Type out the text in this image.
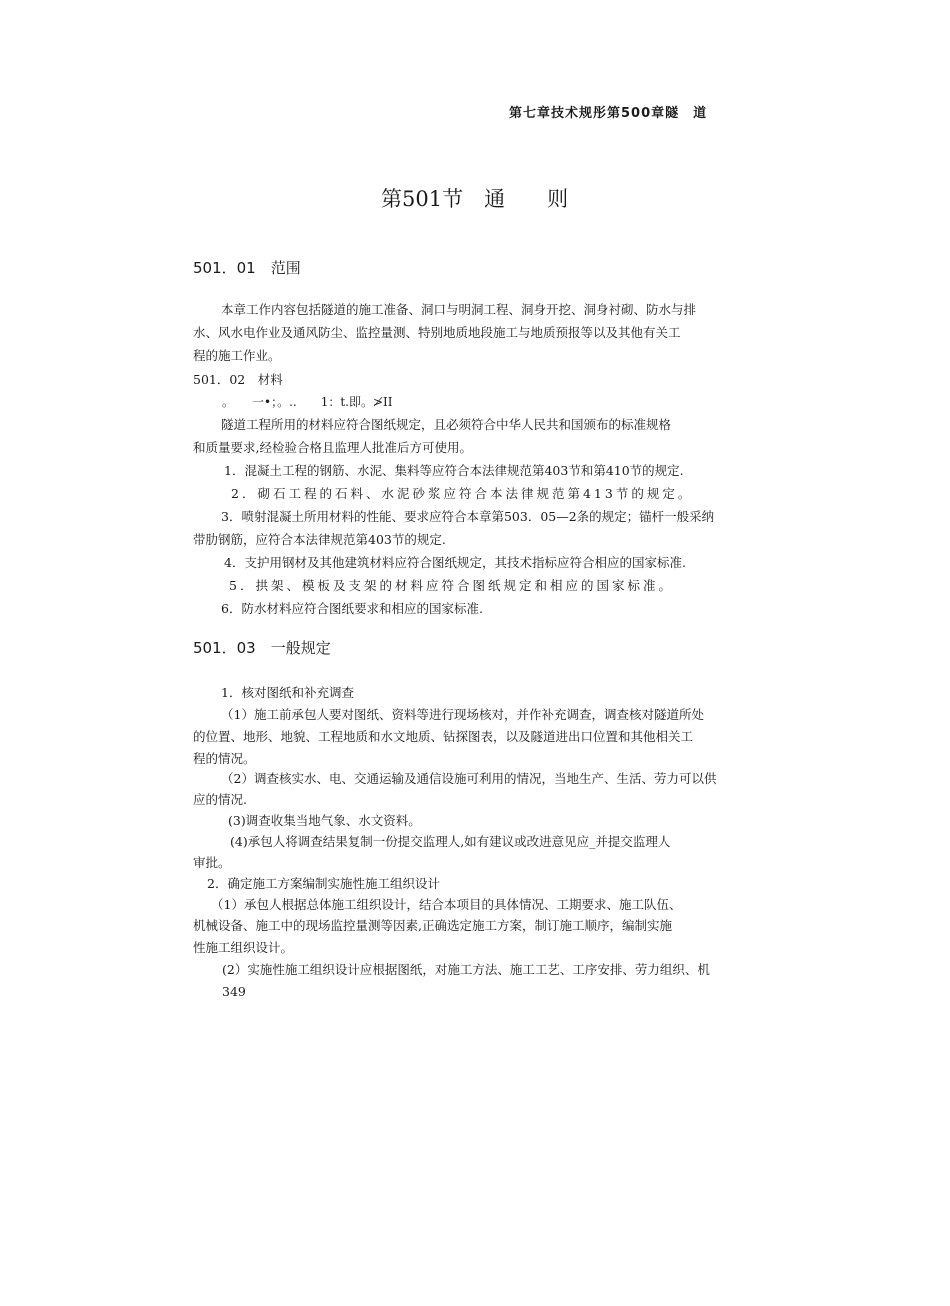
第七章技术规彤第500章隧　道
第501节　通　　则
501．01　范围
本章工作内容包括隧道的施工准备、洞口与明洞工程、洞身开挖、洞身衬砌、防水与排
水、风水电作业及通风防尘、监控量测、特别地质地段施工与地质预报等以及其他有关工
程的施工作业。
501．02　材料
。　　一•；。..　　1：t.即。≯II
隧道工程所用的材料应符合图纸规定，且必须符合中华人民共和国颁布的标准规格
和质量要求,经检验合格且监理人批准后方可使用。
1．混凝土工程的钢筋、水泥、集料等应符合本法律规范第403节和第410节的规定.
2．砌石工程的石料、水泥砂浆应符合本法律规范第413节的规定。
3．喷射混凝土所用材料的性能、要求应符合本章第503．05—2条的规定；锚杆一般采纳
带肋钢筋，应符合本法律规范第403节的规定.
4．支护用钢材及其他建筑材料应符合图纸规定，其技术指标应符合相应的国家标准.
5．拱架、模板及支架的材料应符合图纸规定和相应的国家标准。
6．防水材料应符合图纸要求和相应的国家标准.
501．03　一般规定
1．核对图纸和补充调查
（1）施工前承包人要对图纸、资料等进行现场核对，并作补充调查，调查核对隧道所处
的位置、地形、地貌、工程地质和水文地质、钻探图表，以及隧道进出口位置和其他相关工
程的情况。
（2）调查核实水、电、交通运输及通信设施可利用的情况，当地生产、生活、劳力可以供
应的情况.
(3)调查收集当地气象、水文资料。
(4)承包人将调查结果复制一份提交监理人,如有建议或改进意见应_并提交监理人
审批。
2．确定施工方案编制实施性施工组织设计
（1）承包人根据总体施工组织设计，结合本项目的具体情况、工期要求、施工队伍、
机械设备、施工中的现场监控量测等因素,正确选定施工方案，制订施工顺序，编制实施
性施工组织设计。
(2）实施性施工组织设计应根据图纸，对施工方法、施工工艺、工序安排、劳力组织、机
349
